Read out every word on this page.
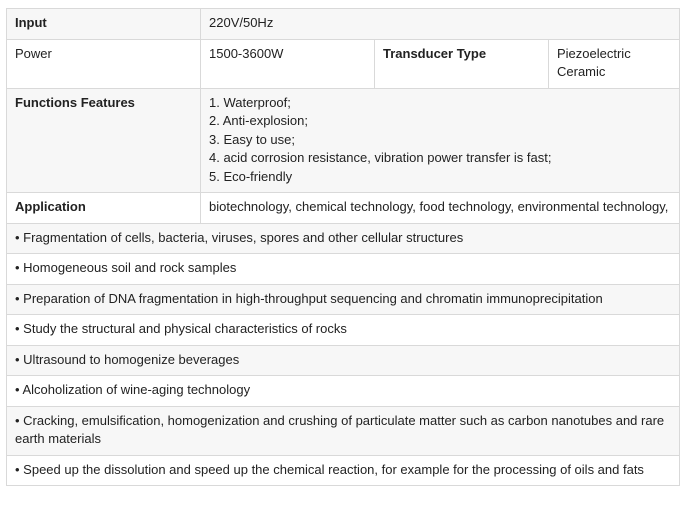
Input	220V/50Hz		
Power	1500-3600W	Transducer Type	Piezoelectric Ceramic
Functions Features	1. Waterproof;
2. Anti-explosion;
3. Easy to use;
4. acid corrosion resistance, vibration power transfer is fast;
5. Eco-friendly		

Application	biotechnology, chemical technology, food technology, environmental technology,		
• Fragmentation of cells, bacteria, viruses, spores and other cellular structures			
• Homogeneous soil and rock samples			
• Preparation of DNA fragmentation in high-throughput sequencing and chromatin immunoprecipitation			
• Study the structural and physical characteristics of rocks			
• Ultrasound to homogenize beverages			
• Alcoholization of wine-aging technology			
• Cracking, emulsification, homogenization and crushing of particulate matter such as carbon nanotubes and rare earth materials			
• Speed up the dissolution and speed up the chemical reaction, for example for the processing of oils and fats			
